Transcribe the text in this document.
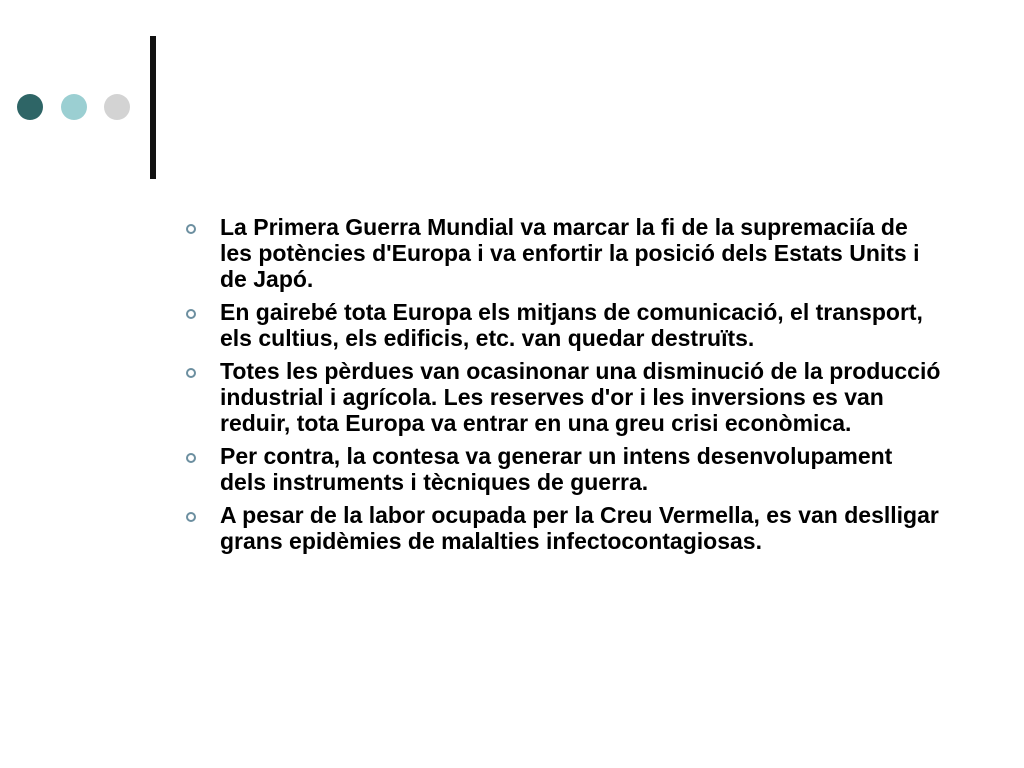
La Primera Guerra Mundial va marcar la fi de la supremaciía de les potències d'Europa i va enfortir la posició dels Estats Units i de Japó.
En gairebé tota Europa els mitjans de comunicació, el transport, els cultius, els edificis, etc. van quedar destruïts.
Totes les pèrdues van ocasinonar una disminució de la producció industrial i agrícola. Les reserves d'or i les inversions es van reduir, tota Europa va entrar en una greu crisi econòmica.
Per contra, la contesa va generar un intens desenvolupament dels instruments i tècniques de guerra.
A pesar de la labor ocupada per la Creu Vermella, es van deslligar grans epidèmies de malalties infectocontagiosas.
